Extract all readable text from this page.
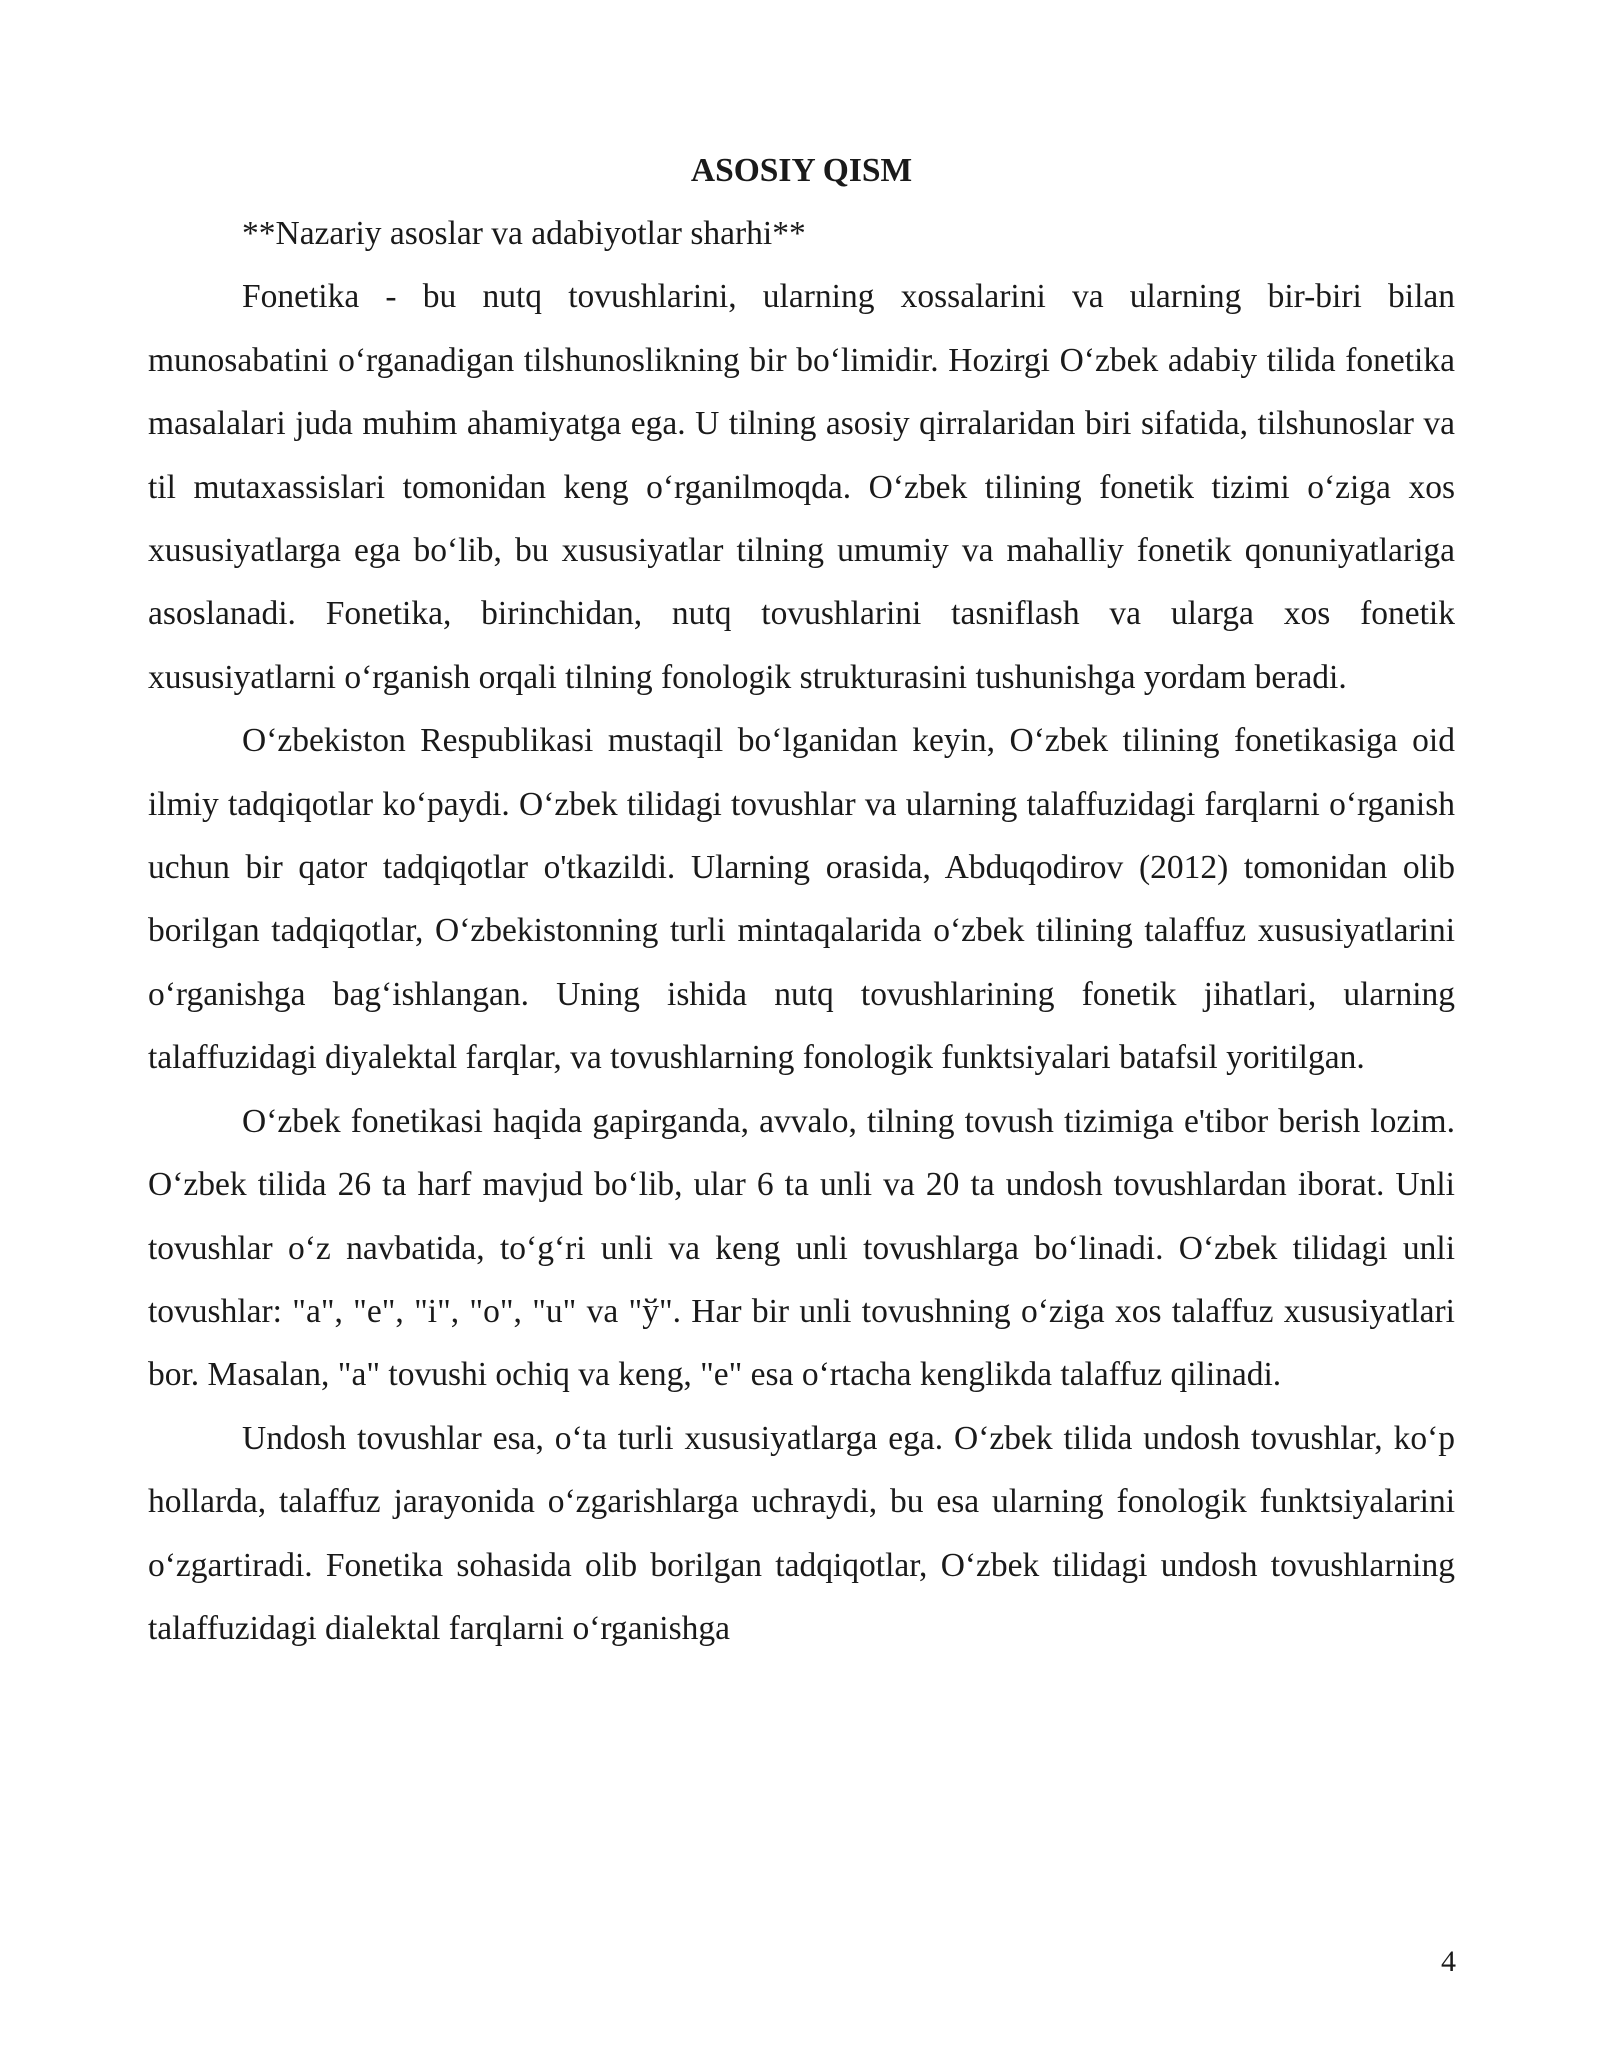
ASOSIY QISM

**Nazariy asoslar va adabiyotlar sharhi**

Fonetika - bu nutq tovushlarini, ularning xossalarini va ularning bir-biri bilan munosabatini o‘rganadigan tilshunoslikning bir bo‘limidir. Hozirgi O‘zbek adabiy tilida fonetika masalalari juda muhim ahamiyatga ega. U tilning asosiy qirralaridan biri sifatida, tilshunoslar va til mutaxassislari tomonidan keng o‘rganilmoqda. O‘zbek tilining fonetik tizimi o‘ziga xos xususiyatlarga ega bo‘lib, bu xususiyatlar tilning umumiy va mahalliy fonetik qonuniyatlariga asoslanadi. Fonetika, birinchidan, nutq tovushlarini tasniflash va ularga xos fonetik xususiyatlarni o‘rganish orqali tilning fonologik strukturasini tushunishga yordam beradi.

O‘zbekiston Respublikasi mustaqil bo‘lganidan keyin, O‘zbek tilining fonetikasiga oid ilmiy tadqiqotlar ko‘paydi. O‘zbek tilidagi tovushlar va ularning talaffuzidagi farqlarni o‘rganish uchun bir qator tadqiqotlar o'tkazildi. Ularning orasida, Abduqodirov (2012) tomonidan olib borilgan tadqiqotlar, O‘zbekistonning turli mintaqalarida o‘zbek tilining talaffuz xususiyatlarini o‘rganishga bag‘ishlangan. Uning ishida nutq tovushlarining fonetik jihatlari, ularning talaffuzidagi diyalektal farqlar, va tovushlarning fonologik funktsiyalari batafsil yoritilgan.

O‘zbek fonetikasi haqida gapirganda, avvalo, tilning tovush tizimiga e'tibor berish lozim. O‘zbek tilida 26 ta harf mavjud bo‘lib, ular 6 ta unli va 20 ta undosh tovushlardan iborat. Unli tovushlar o‘z navbatida, to‘g‘ri unli va keng unli tovushlarga bo‘linadi. O‘zbek tilidagi unli tovushlar: "a", "e", "i", "o", "u" va "ў". Har bir unli tovushning o‘ziga xos talaffuz xususiyatlari bor. Masalan, "a" tovushi ochiq va keng, "e" esa o‘rtacha kenglikda talaffuz qilinadi.

Undosh tovushlar esa, o‘ta turli xususiyatlarga ega. O‘zbek tilida undosh tovushlar, ko‘p hollarda, talaffuz jarayonida o‘zgarishlarga uchraydi, bu esa ularning fonologik funktsiyalarini o‘zgartiradi. Fonetika sohasida olib borilgan tadqiqotlar, O‘zbek tilidagi undosh tovushlarning talaffuzidagi dialektal farqlarni o‘rganishga

4
